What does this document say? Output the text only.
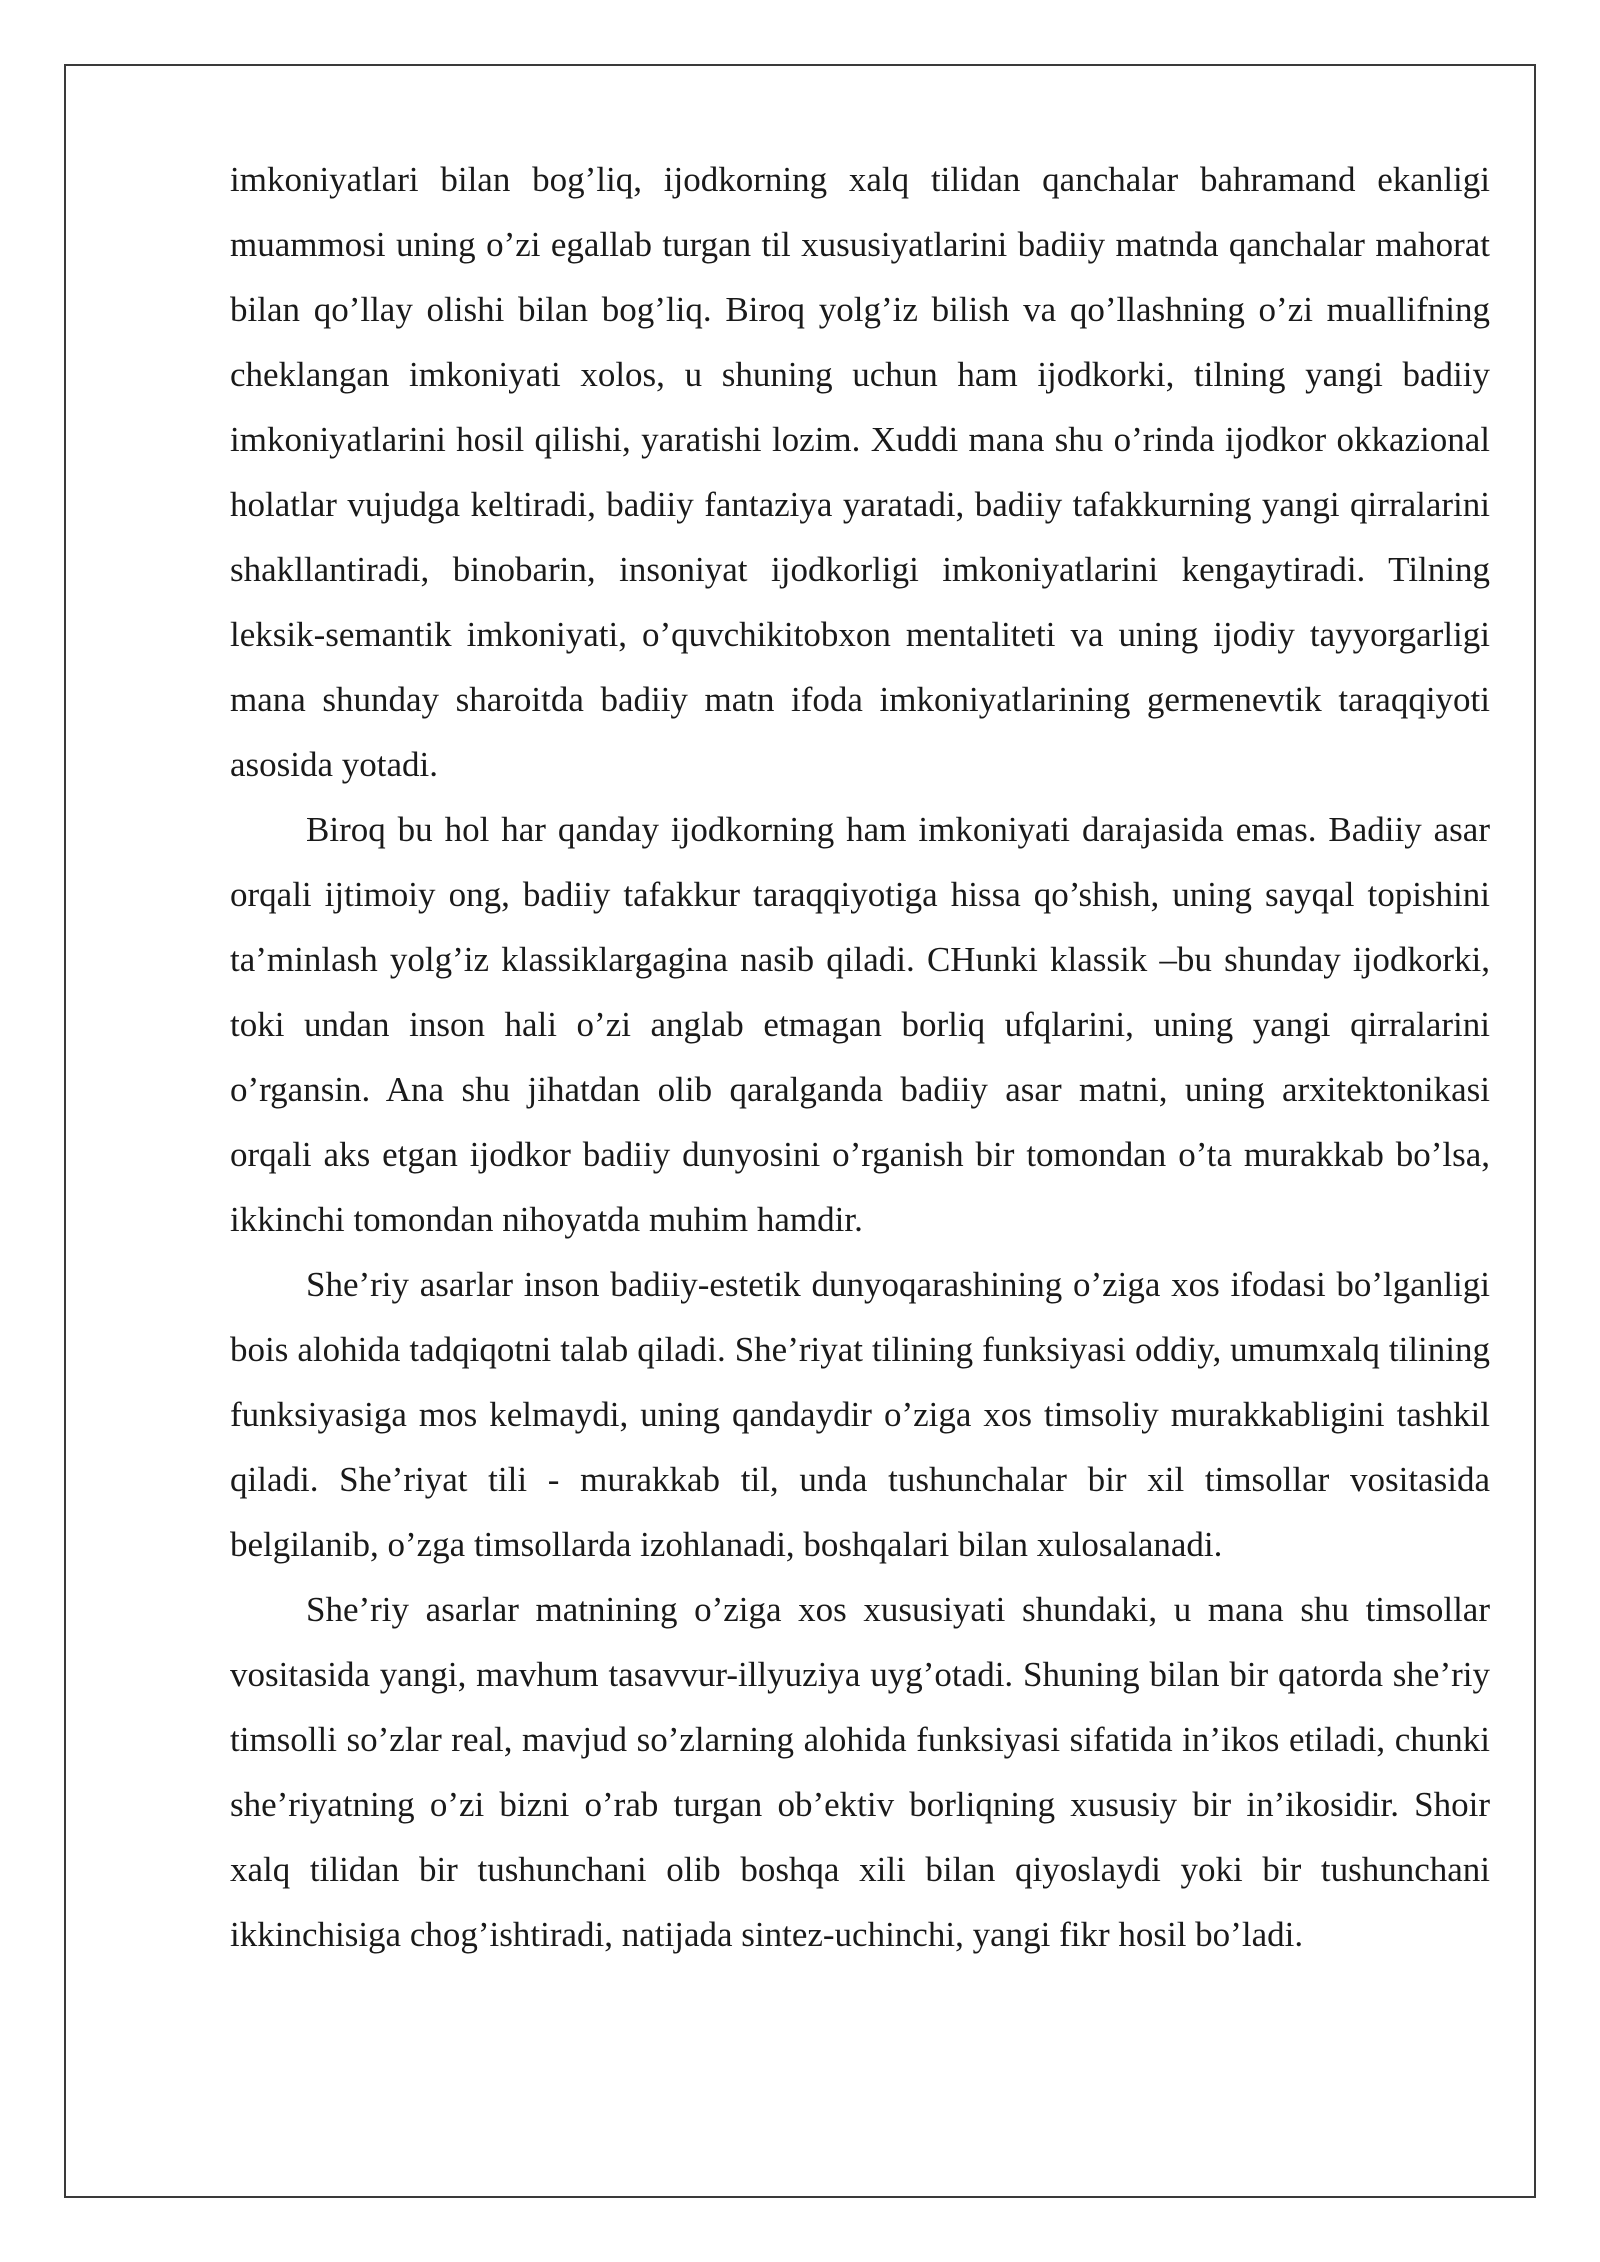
imkoniyatlari bilan bog’liq, ijodkorning xalq tilidan qanchalar bahramand ekanligi muammosi uning o’zi egallab turgan til xususiyatlarini badiiy matnda qanchalar mahorat bilan qo’llay olishi bilan bog’liq. Biroq yolg’iz bilish va qo’llashning o’zi muallifning cheklangan imkoniyati xolos, u shuning uchun ham ijodkorki, tilning yangi badiiy imkoniyatlarini hosil qilishi, yaratishi lozim. Xuddi mana shu o’rinda ijodkor okkazional holatlar vujudga keltiradi, badiiy fantaziya yaratadi, badiiy tafakkurning yangi qirralarini shakllantiradi, binobarin, insoniyat ijodkorligi imkoniyatlarini kengaytiradi. Tilning leksik-semantik imkoniyati, o’quvchikitobxon mentaliteti va uning ijodiy tayyorgarligi mana shunday sharoitda badiiy matn ifoda imkoniyatlarining germenevtik taraqqiyoti asosida yotadi.

Biroq bu hol har qanday ijodkorning ham imkoniyati darajasida emas. Badiiy asar orqali ijtimoiy ong, badiiy tafakkur taraqqiyotiga hissa qo’shish, uning sayqal topishini ta’minlash yolg’iz klassiklargagina nasib qiladi. CHunki klassik –bu shunday ijodkorki, toki undan inson hali o’zi anglab etmagan borliq ufqlarini, uning yangi qirralarini o’rgansin. Ana shu jihatdan olib qaralganda badiiy asar matni, uning arxitektonikasi orqali aks etgan ijodkor badiiy dunyosini o’rganish bir tomondan o’ta murakkab bo’lsa, ikkinchi tomondan nihoyatda muhim hamdir.

She’riy asarlar inson badiiy-estetik dunyoqarashining o’ziga xos ifodasi bo’lganligi bois alohida tadqiqotni talab qiladi. She’riyat tilining funksiyasi oddiy, umumxalq tilining funksiyasiga mos kelmaydi, uning qandaydir o’ziga xos timsoliy murakkabligini tashkil qiladi. She’riyat tili - murakkab til, unda tushunchalar bir xil timsollar vositasida belgilanib, o’zga timsollarda izohlanadi, boshqalari bilan xulosalanadi.

She’riy asarlar matnining o’ziga xos xususiyati shundaki, u mana shu timsollar vositasida yangi, mavhum tasavvur-illyuziya uyg’otadi. Shuning bilan bir qatorda she’riy timsolli so’zlar real, mavjud so’zlarning alohida funksiyasi sifatida in’ikos etiladi, chunki she’riyatning o’zi bizni o’rab turgan ob’ektiv borliqning xususiy bir in’ikosidir. Shoir xalq tilidan bir tushunchani olib boshqa xili bilan qiyoslaydi yoki bir tushunchani ikkinchisiga chog’ishtiradi, natijada sintez-uchinchi, yangi fikr hosil bo’ladi.
